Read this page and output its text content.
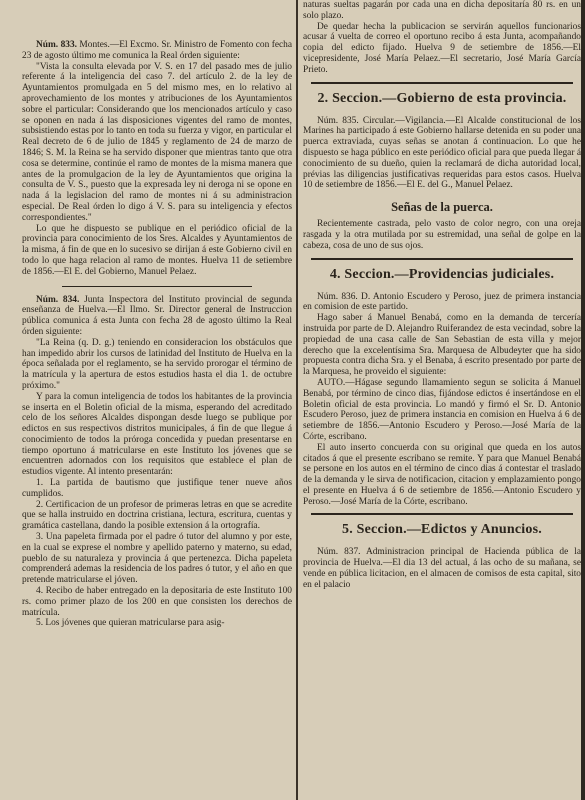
Núm. 833. Montes.—El Excmo. Sr. Ministro de Fomento con fecha 23 de agosto último me comunica la Real órden siguiente:

"Vista la consulta elevada por V. S. en 17 del pasado mes de julio referente á la inteligencia del caso 7. del artículo 2. de la ley de Ayuntamientos promulgada en 5 del mismo mes, en lo relativo al aprovechamiento de los montes y atribuciones de los Ayuntamientos sobre el particular: Considerando que los mencionados artículo y caso se oponen en nada á las disposiciones vigentes del ramo de montes, subsistiendo estas por lo tanto en toda su fuerza y vigor, en particular el Real decreto de 6 de julio de 1845 y reglamento de 24 de marzo de 1846; S. M. la Reina se ha servido disponer que mientras tanto que otra cosa se determine, continúe el ramo de montes de la misma manera que antes de la promulgacion de la ley de Ayuntamientos que origina la consulta de V. S., puesto que la expresada ley ni deroga ni se opone en nada á la legislacion del ramo de montes ni á su administracion especial. De Real órden lo digo á V. S. para su inteligencia y efectos correspondientes."

Lo que he dispuesto se publique en el periódico oficial de la provincia para conocimiento de los Sres. Alcaldes y Ayuntamientos de la misma, á fin de que en lo sucesivo se dirijan á este Gobierno civil en todo lo que haga relacion al ramo de montes. Huelva 11 de setiembre de 1856.—El E. del Gobierno, Manuel Pelaez.

Núm. 834. Junta Inspectora del Instituto provincial de segunda enseñanza de Huelva.—El Ilmo. Sr. Director general de Instruccion pública comunica á esta Junta con fecha 28 de agosto último la Real órden siguiente:

"La Reina (q. D. g.) teniendo en consideracion los obstáculos que han impedido abrir los cursos de latinidad del Instituto de Huelva en la época señalada por el reglamento, se ha servido prorogar el término de la matrícula y la apertura de estos estudios hasta el dia 1. de octubre próximo."

Y para la comun inteligencia de todos los habitantes de la provincia se inserta en el Boletin oficial de la misma, esperando del acreditado celo de los señores Alcaldes dispongan desde luego se publique por edictos en sus respectivos distritos municipales, á fin de que llegue á conocimiento de todos la próroga concedida y puedan presentarse en tiempo oportuno á matricularse en este Instituto los jóvenes que se encuentren adornados con los requisitos que establece el plan de estudios vigente. Al intento presentarán:

1. La partida de bautismo que justifique tener nueve años cumplidos.

2. Certificacion de un profesor de primeras letras en que se acredite que se halla instruido en doctrina cristiana, lectura, escritura, cuentas y gramática castellana, dando la posible extension á la ortografía.

3. Una papeleta firmada por el padre ó tutor del alumno y por este, en la cual se exprese el nombre y apellido paterno y materno, su edad, pueblo de su naturaleza y provincia á que pertenezca. Dicha papeleta comprenderá ademas la residencia de los padres ó tutor, y el año en que pretende matricularse el jóven.

4. Recibo de haber entregado en la depositaria de este Instituto 100 rs. como primer plazo de los 200 en que consisten los derechos de matrícula.

5. Los jóvenes que quieran matricularse para asig-

naturas sueltas pagarán por cada una en dicha depositaría 80 rs. en un solo plazo.

De quedar hecha la publicacion se servirán aquellos funcionarios acusar á vuelta de correo el oportuno recibo á esta Junta, acompañando copia del edicto fijado. Huelva 9 de setiembre de 1856.—El vicepresidente, José María Pelaez.—El secretario, José María García Prieto.

2. Seccion.—Gobierno de esta provincia.

Núm. 835. Circular.—Vigilancia.—El Alcalde constitucional de los Marines ha participado á este Gobierno hallarse detenida en su poder una puerca extraviada, cuyas señas se anotan á continuacion. Lo que he dispuesto se haga público en este periódico oficial para que pueda llegar á conocimiento de su dueño, quien la reclamará de dicha autoridad local, prévias las diligencias justificativas requeridas para estos casos. Huelva 10 de setiembre de 1856.—El E. del G., Manuel Pelaez.

Señas de la puerca.

Recientemente castrada, pelo vasto de color negro, con una oreja rasgada y la otra mutilada por su estremidad, una señal de golpe en la cabeza, cosa de uno de sus ojos.

4. Seccion.—Providencias judiciales.

Núm. 836. D. Antonio Escudero y Peroso, juez de primera instancia en comision de este partido.

Hago saber á Manuel Benabá, como en la demanda de tercería instruida por parte de D. Alejandro Ruiferandez de esta vecindad, sobre la propiedad de una casa calle de San Sebastian de esta villa y mejor derecho que la excelentísima Sra. Marquesa de Albudeyter que ha sido propuesta contra dicha Sra. y el Benaba, á escrito presentado por parte de la Marquesa, he proveido el siguiente:

AUTO.—Hágase segundo llamamiento segun se solicita á Manuel Benabá, por término de cinco dias, fijándose edictos é insertándose en el Boletin oficial de esta provincia. Lo mandó y firmó el Sr. D. Antonio Escudero Peroso, juez de primera instancia en comision en Huelva á 6 de setiembre de 1856.—Antonio Escudero y Peroso.—José María de la Córte, escribano.

El auto inserto concuerda con su original que queda en los autos citados á que el presente escribano se remite. Y para que Manuel Benabá se persone en los autos en el término de cinco dias á contestar el traslado de la demanda y le sirva de notificacion, citacion y emplazamiento pongo el presente en Huelva á 6 de setiembre de 1856.—Antonio Escudero y Peroso.—José María de la Córte, escribano.

5. Seccion.—Edictos y Anuncios.

Núm. 837. Administracion principal de Hacienda pública de la provincia de Huelva.—El dia 13 del actual, á las ocho de su mañana, se vende en pública licitacion, en el almacen de comisos de esta capital, sito en el palacio
